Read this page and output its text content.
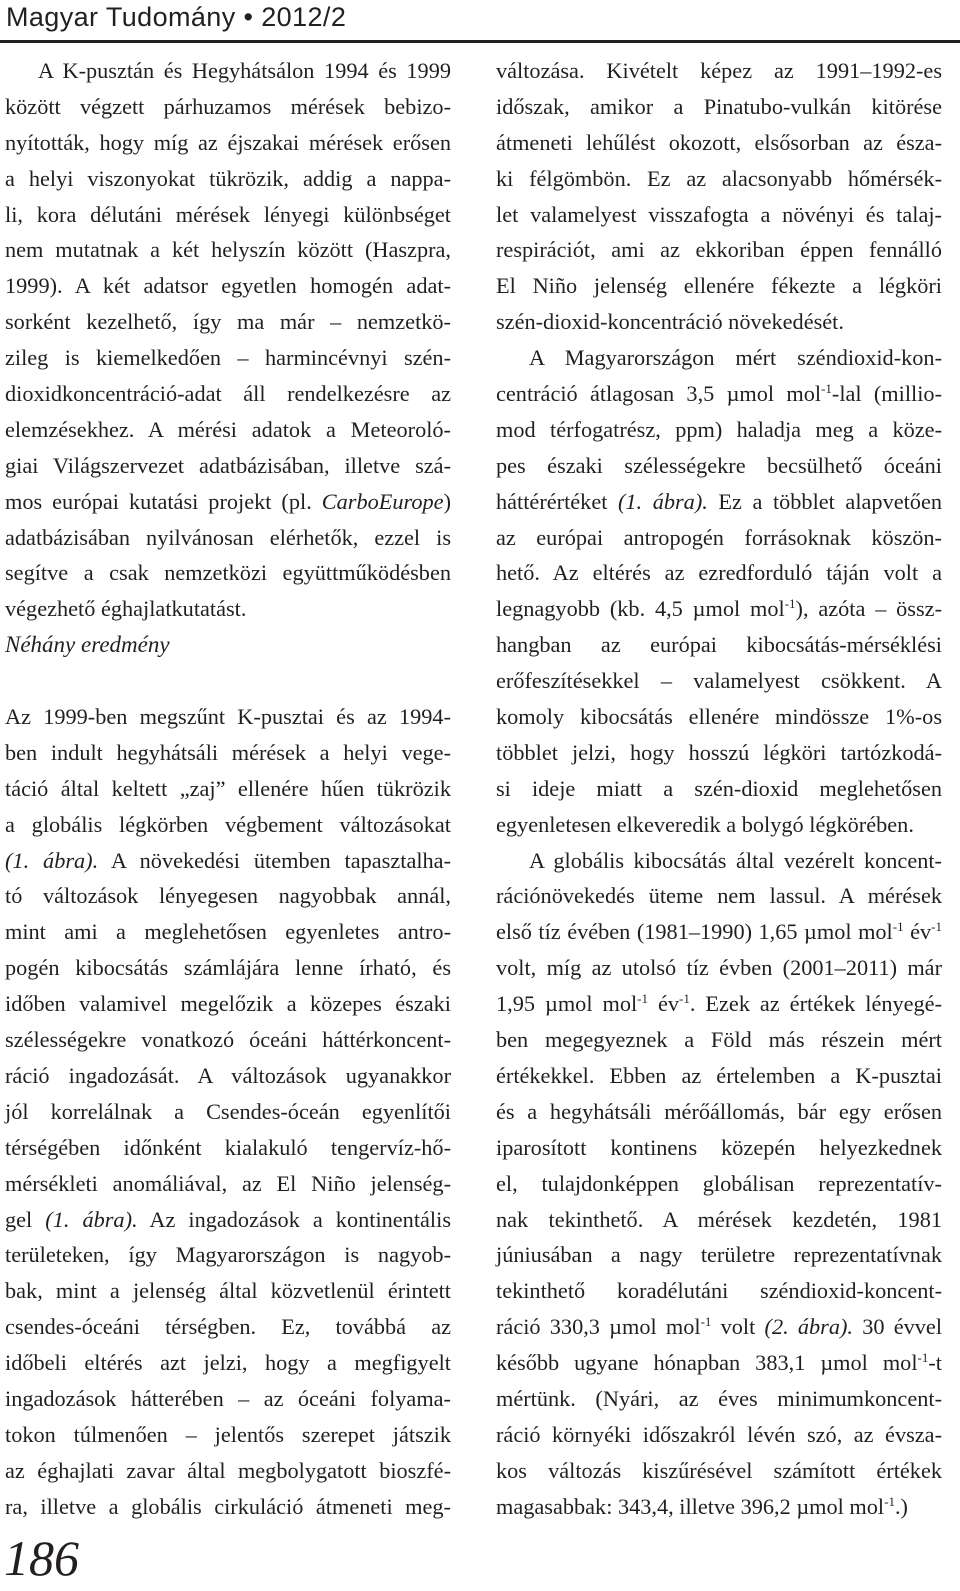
Magyar Tudomány • 2012/2
A K-pusztán és Hegyhátsálon 1994 és 1999
között végzett párhuzamos mérések bebizo-
nyították, hogy míg az éjszakai mérések erősen
a helyi viszonyokat tükrözik, addig a nappa-
li, kora délutáni mérések lényegi különbséget
nem mutatnak a két helyszín között (Haszpra,
1999). A két adatsor egyetlen homogén adat-
sorként kezelhető, így ma már – nemzetkö-
zileg is kiemelkedően – harmincévnyi szén-
dioxidkoncentráció-adat áll rendelkezésre az
elemzésekhez. A mérési adatok a Meteoroló-
giai Világszervezet adatbázisában, illetve szá-
mos európai kutatási projekt (pl. CarboEurope)
adatbázisában nyilvánosan elérhetők, ezzel is
segítve a csak nemzetközi együttműködésben
végezhető éghajlatkutatást.
Néhány eredmény
Az 1999-ben megszűnt K-pusztai és az 1994-
ben indult hegyhátsáli mérések a helyi vege-
táció által keltett „zaj” ellenére hűen tükrözik
a globális légkörben végbement változásokat
(1. ábra). A növekedési ütemben tapasztalha-
tó változások lényegesen nagyobbak annál,
mint ami a meglehetősen egyenletes antro-
pogén kibocsátás számlájára lenne írható, és
időben valamivel megelőzik a közepes északi
szélességekre vonatkozó óceáni háttérkoncent-
ráció ingadozását. A változások ugyanakkor
jól korrelálnak a Csendes-óceán egyenlítői
térségében időnként kialakuló tengervíz-hő-
mérsékleti anomáliával, az El Niño jelenség-
gel (1. ábra). Az ingadozások a kontinentális
területeken, így Magyarországon is nagyob-
bak, mint a jelenség által közvetlenül érintett
csendes-óceáni térségben. Ez, továbbá az
időbeli eltérés azt jelzi, hogy a megfigyelt
ingadozások hátterében – az óceáni folyama-
tokon túlmenően – jelentős szerepet játszik
az éghajlati zavar által megbolygatott bioszfé-
ra, illetve a globális cirkuláció átmeneti meg-
változása. Kivételt képez az 1991–1992-es
időszak, amikor a Pinatubo-vulkán kitörése
átmeneti lehűlést okozott, elsősorban az észa-
ki félgömbön. Ez az alacsonyabb hőmérsék-
let valamelyest visszafogta a növényi és talaj-
respirációt, ami az ekkoriban éppen fennálló
El Niño jelenség ellenére fékezte a légköri
szén-dioxid-koncentráció növekedését.
A Magyarországon mért széndioxid-kon-
centráció átlagosan 3,5 µmol mol$^{-1}$-lal (millio-
mod térfogatrész, ppm) haladja meg a köze-
pes északi szélességekre becsülhető óceáni
háttérértéket (1. ábra). Ez a többlet alapvetően
az európai antropogén forrásoknak köszön-
hető. Az eltérés az ezredforduló táján volt a
legnagyobb (kb. 4,5 µmol mol$^{-1}$), azóta – össz-
hangban az európai kibocsátás-mérséklési
erőfeszítésekkel – valamelyest csökkent. A
komoly kibocsátás ellenére mindössze 1%-os
többlet jelzi, hogy hosszú légköri tartózkodá-
si ideje miatt a szén-dioxid meglehetősen
egyenletesen elkeveredik a bolygó légkörében.
A globális kibocsátás által vezérelt koncent-
rációnövekedés üteme nem lassul. A mérések
első tíz évében (1981–1990) 1,65 µmol mol$^{-1}$ $év^{-1}$
volt, míg az utolsó tíz évben (2001–2011) már
1,95 µmol mol$^{-1}$ $év^{-1}$. Ezek az értékek lényegé-
ben megegyeznek a Föld más részein mért
értékekkel. Ebben az értelemben a K-pusztai
és a hegyhátsáli mérőállomás, bár egy erősen
iparosított kontinens közepén helyezkednek
el, tulajdonképpen globálisan reprezentatív-
nak tekinthető. A mérések kezdetén, 1981
júniusában a nagy területre reprezentatívnak
tekinthető koradélutáni széndioxid-koncent-
ráció 330,3 µmol mol$^{-1}$ volt (2. ábra). 30 évvel
később ugyane hónapban 383,1 µmol mol$^{-1}$-t
mértünk. (Nyári, az éves minimumkoncent-
ráció környéki időszakról lévén szó, az évsza-
kos változás kiszűrésével számított értékek
magasabbak: 343,4, illetve 396,2 µmol mol$^{-1}$.)
186
